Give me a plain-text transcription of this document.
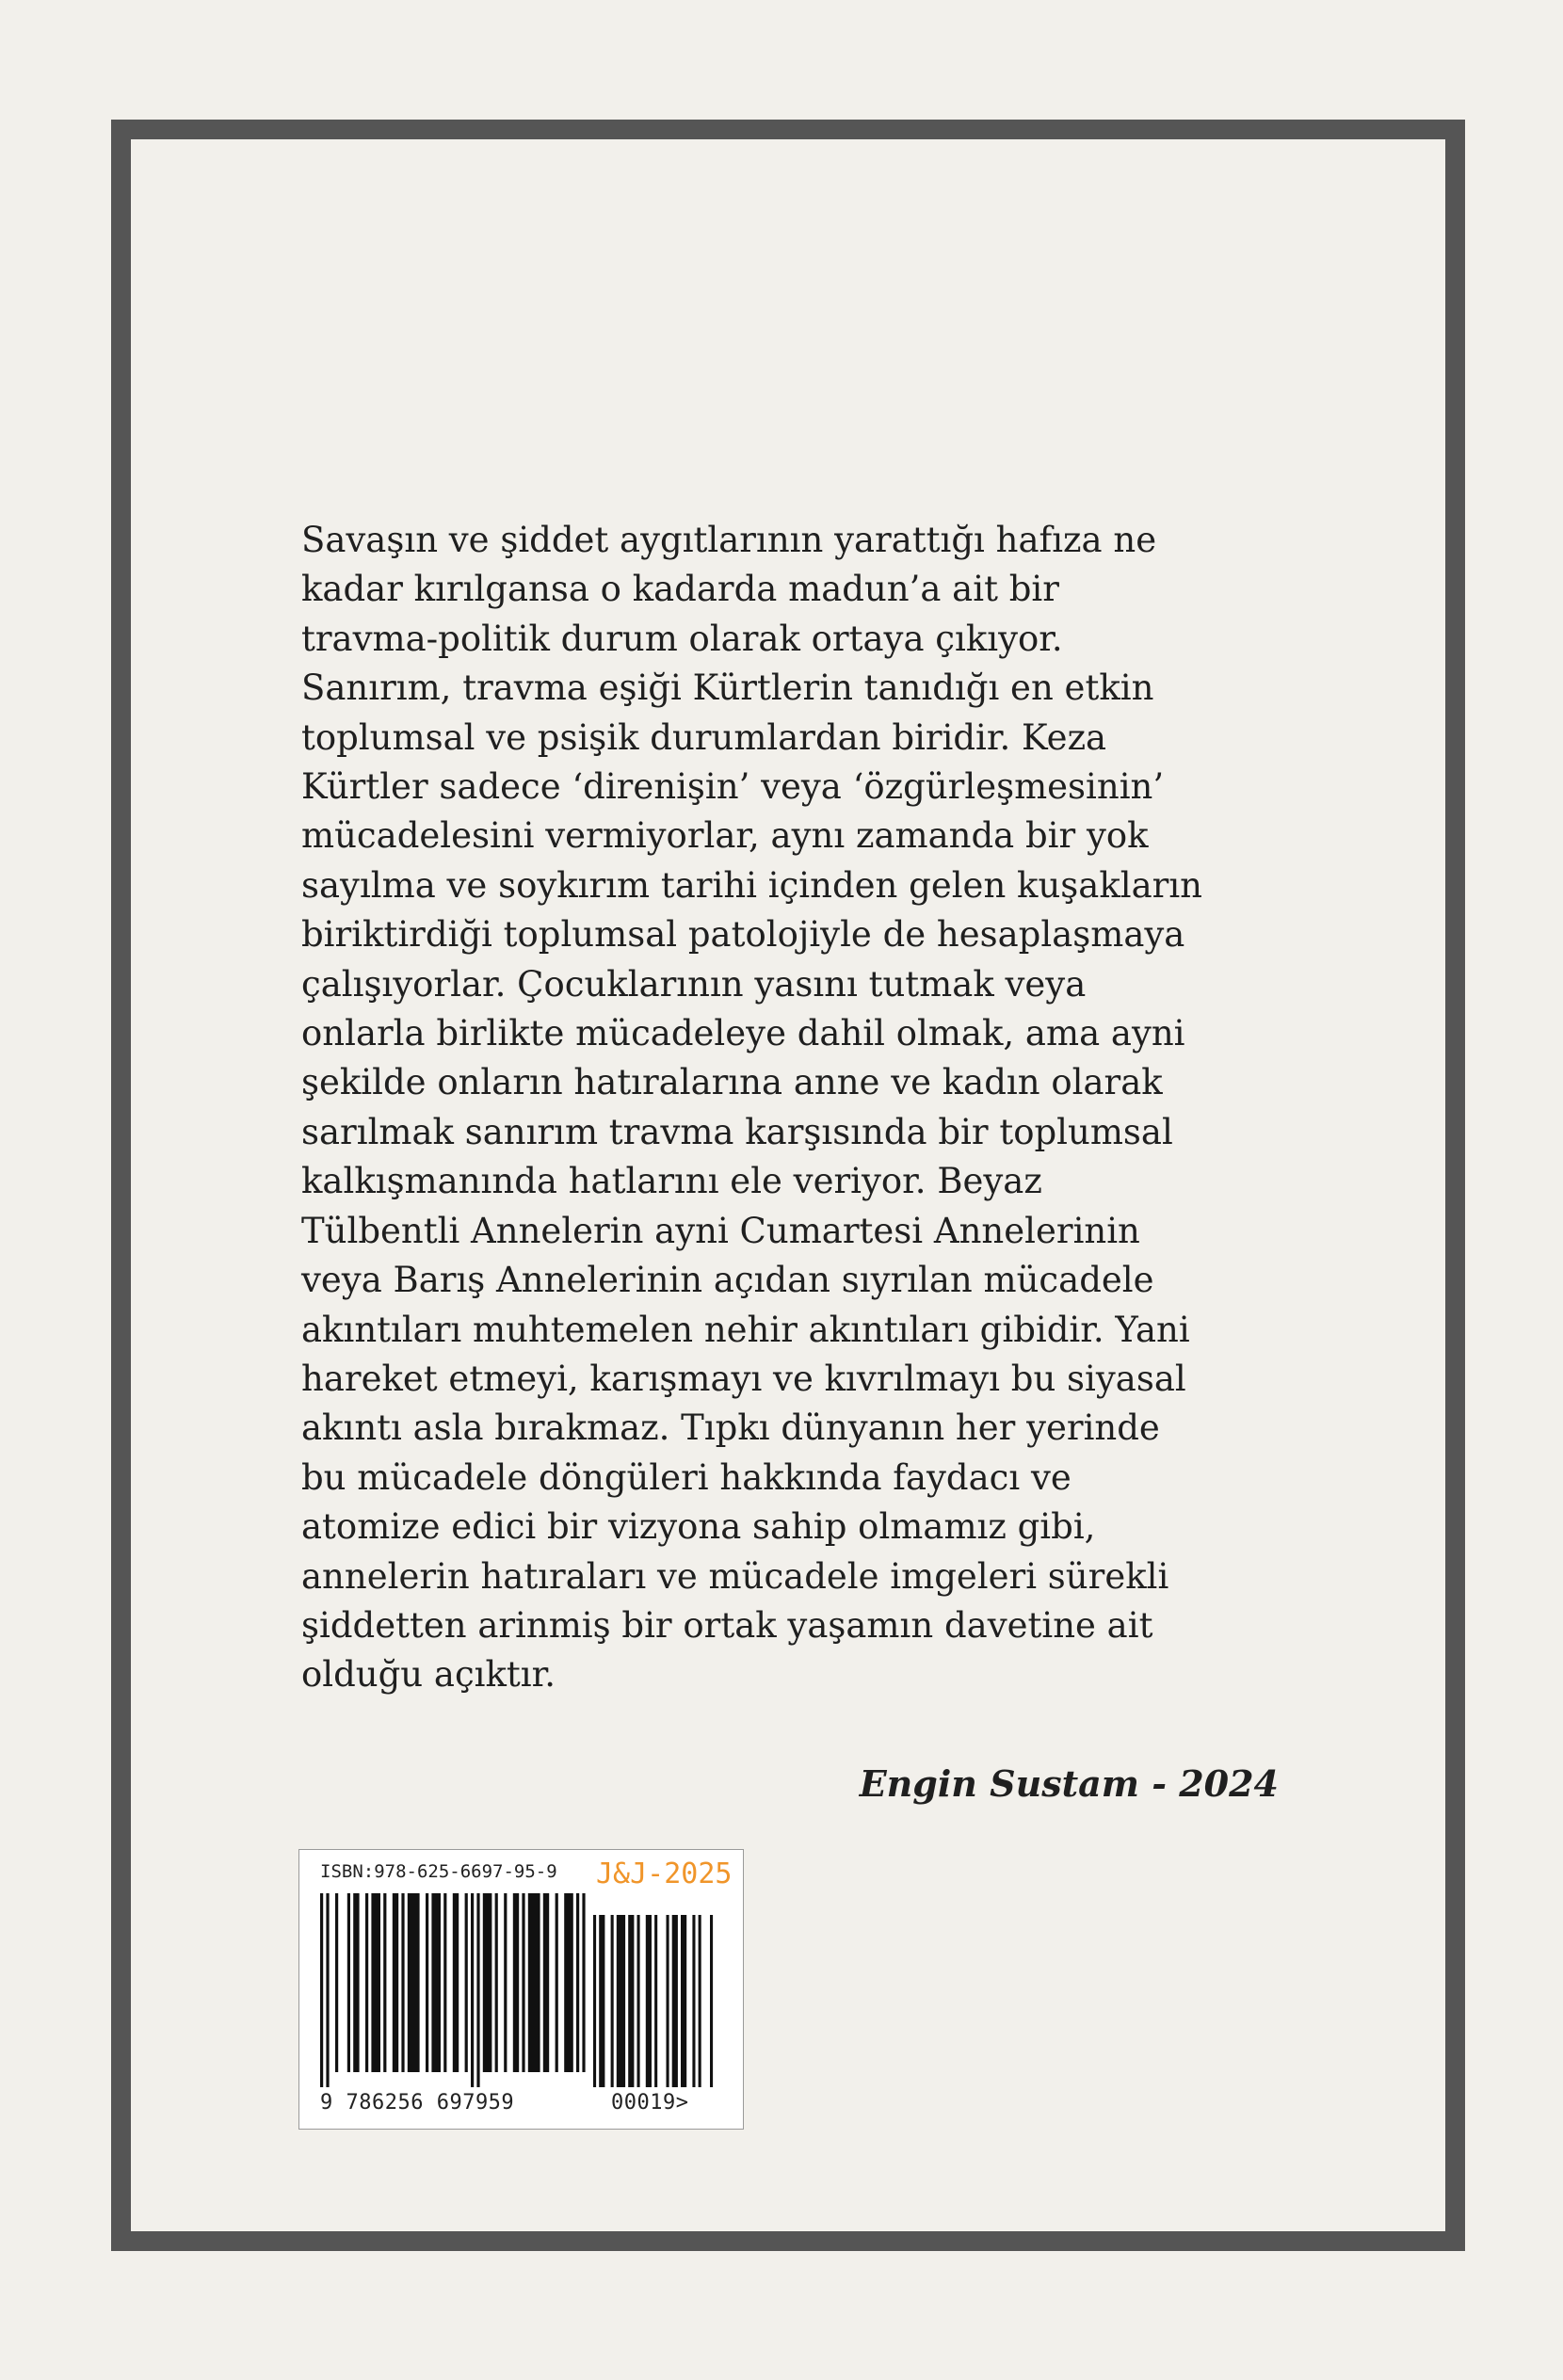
Savaşın ve şiddet aygıtlarının yarattığı hafıza ne
kadar kırılgansa o kadarda madun’a ait bir
travma-politik durum olarak ortaya çıkıyor.
Sanırım, travma eşiği Kürtlerin tanıdığı en etkin
toplumsal ve psişik durumlardan biridir. Keza
Kürtler sadece ‘direnişin’ veya ‘özgürleşmesinin’
mücadelesini vermiyorlar, aynı zamanda bir yok
sayılma ve soykırım tarihi içinden gelen kuşakların
biriktirdiği toplumsal patolojiyle de hesaplaşmaya
çalışıyorlar. Çocuklarının yasını tutmak veya
onlarla birlikte mücadeleye dahil olmak, ama ayni
şekilde onların hatıralarına anne ve kadın olarak
sarılmak sanırım travma karşısında bir toplumsal
kalkışmanında hatlarını ele veriyor. Beyaz
Tülbentli Annelerin ayni Cumartesi Annelerinin
veya Barış Annelerinin açıdan sıyrılan mücadele
akıntıları muhtemelen nehir akıntıları gibidir. Yani
hareket etmeyi, karışmayı ve kıvrılmayı bu siyasal
akıntı asla bırakmaz. Tıpkı dünyanın her yerinde
bu mücadele döngüleri hakkında faydacı ve
atomize edici bir vizyona sahip olmamız gibi,
annelerin hatıraları ve mücadele imgeleri sürekli
şiddetten arinmiş bir ortak yaşamın davetine ait
olduğu açıktır.

Engin Sustam - 2024
ISBN:978-625-6697-95-9 J&J-2025
9 786256 697959	00019>
